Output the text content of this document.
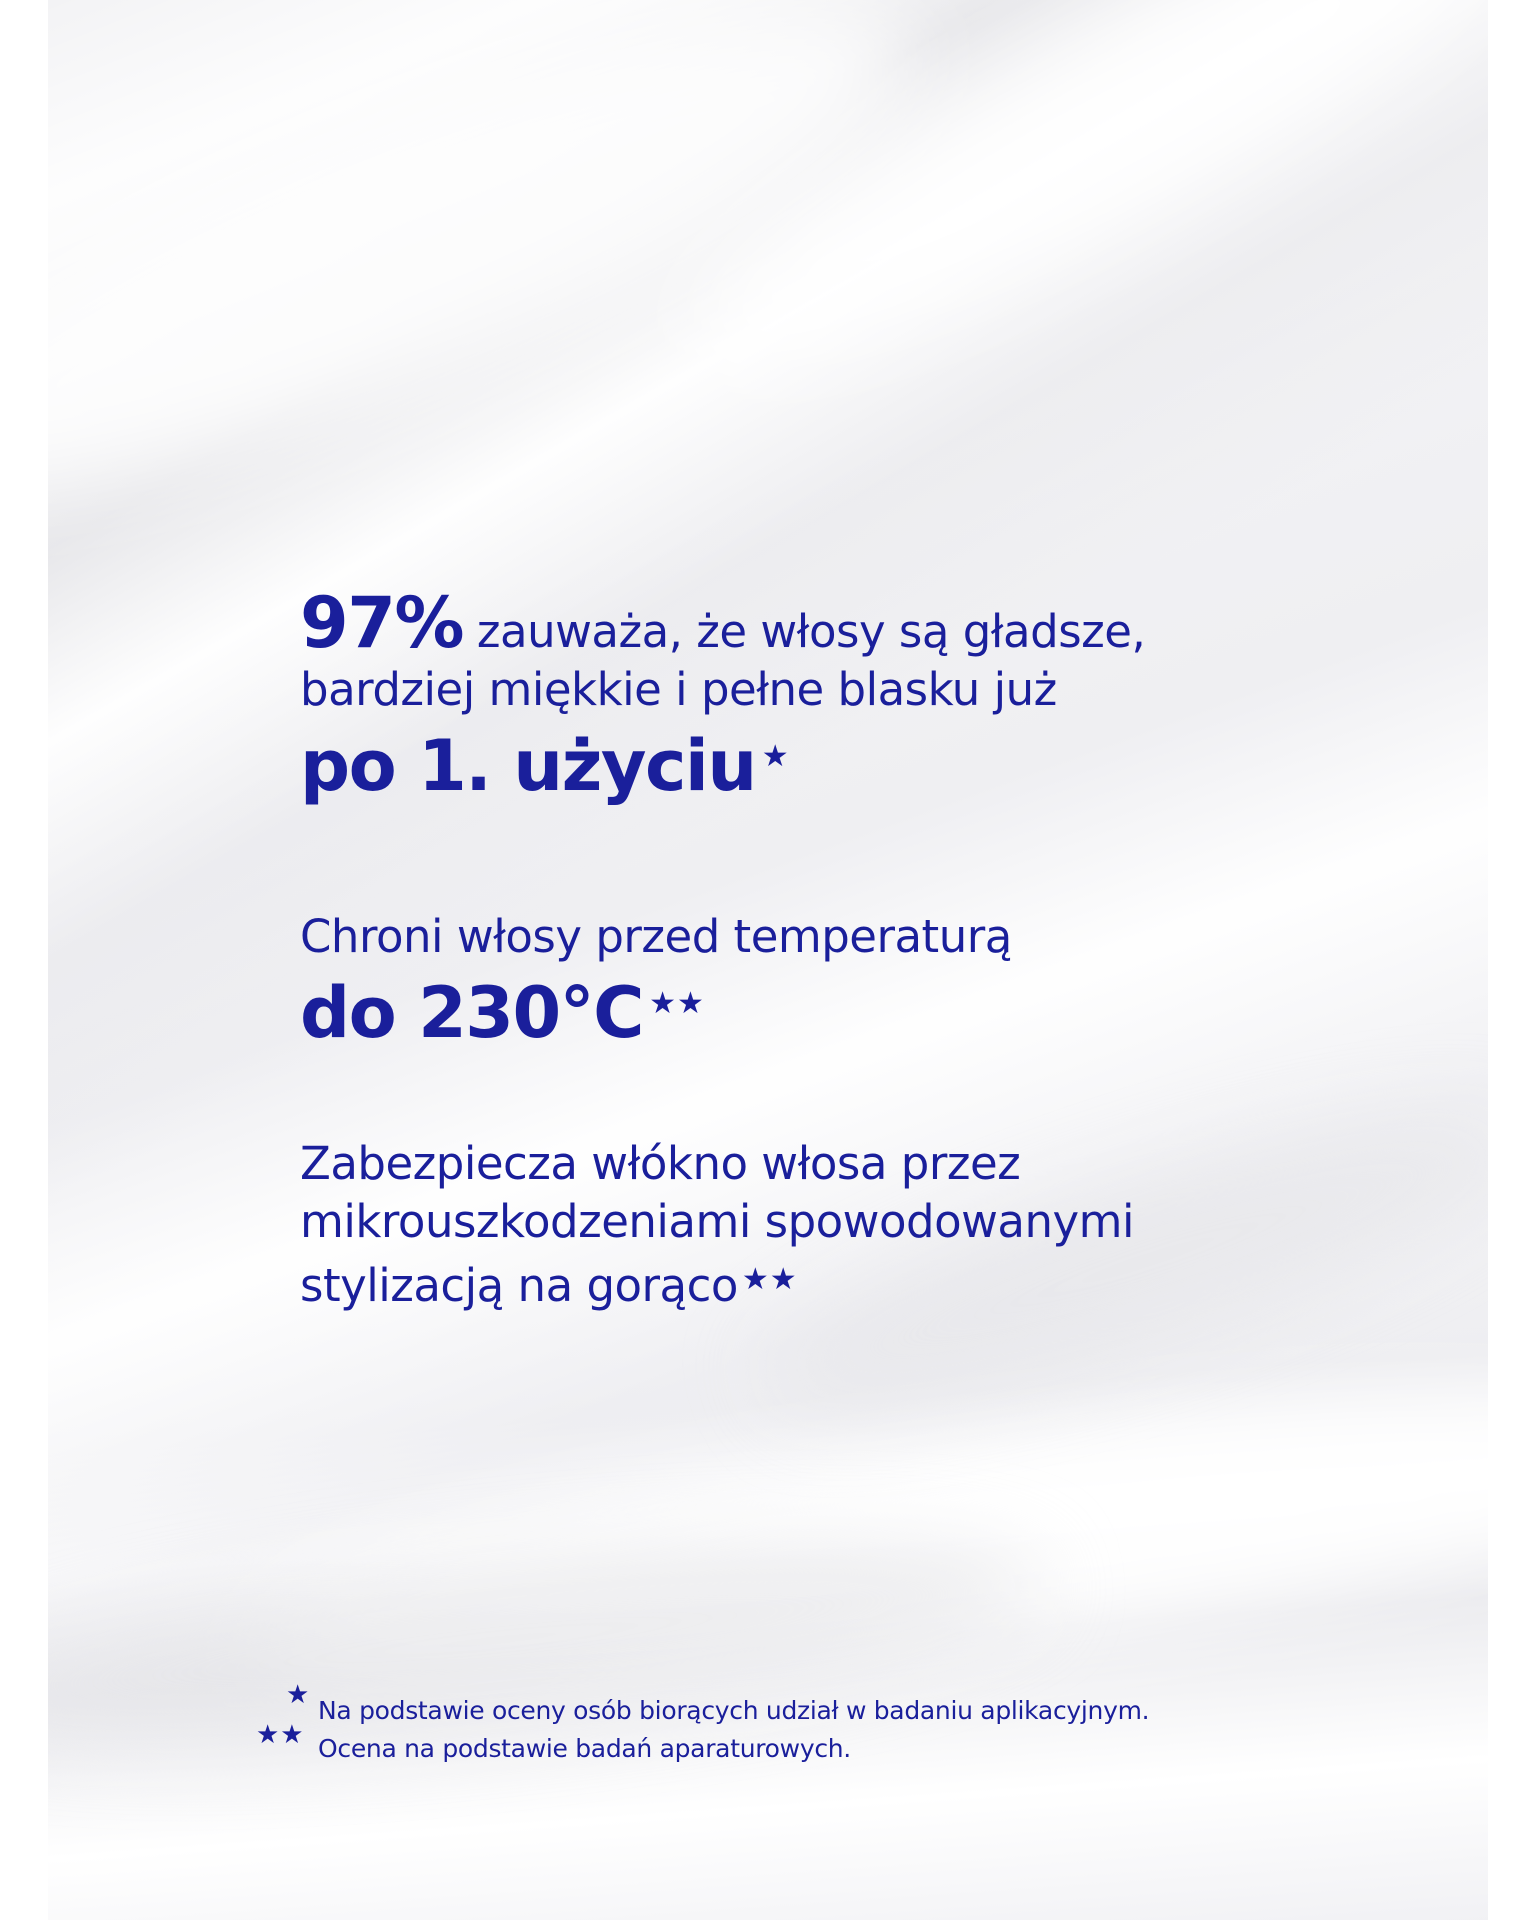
97% zauważa, że włosy są gładsze,
bardziej miękkie i pełne blasku już
po 1. użyciu ★
Chroni włosy przed temperaturą
do 230°C ★★
Zabezpiecza włókno włosa przez
mikrouszkodzeniami spowodowanymi
stylizacją na gorąco ★★
★
Na podstawie oceny osób biorących udział w badaniu aplikacyjnym.
★★ Ocena na podstawie badań aparaturowych.
